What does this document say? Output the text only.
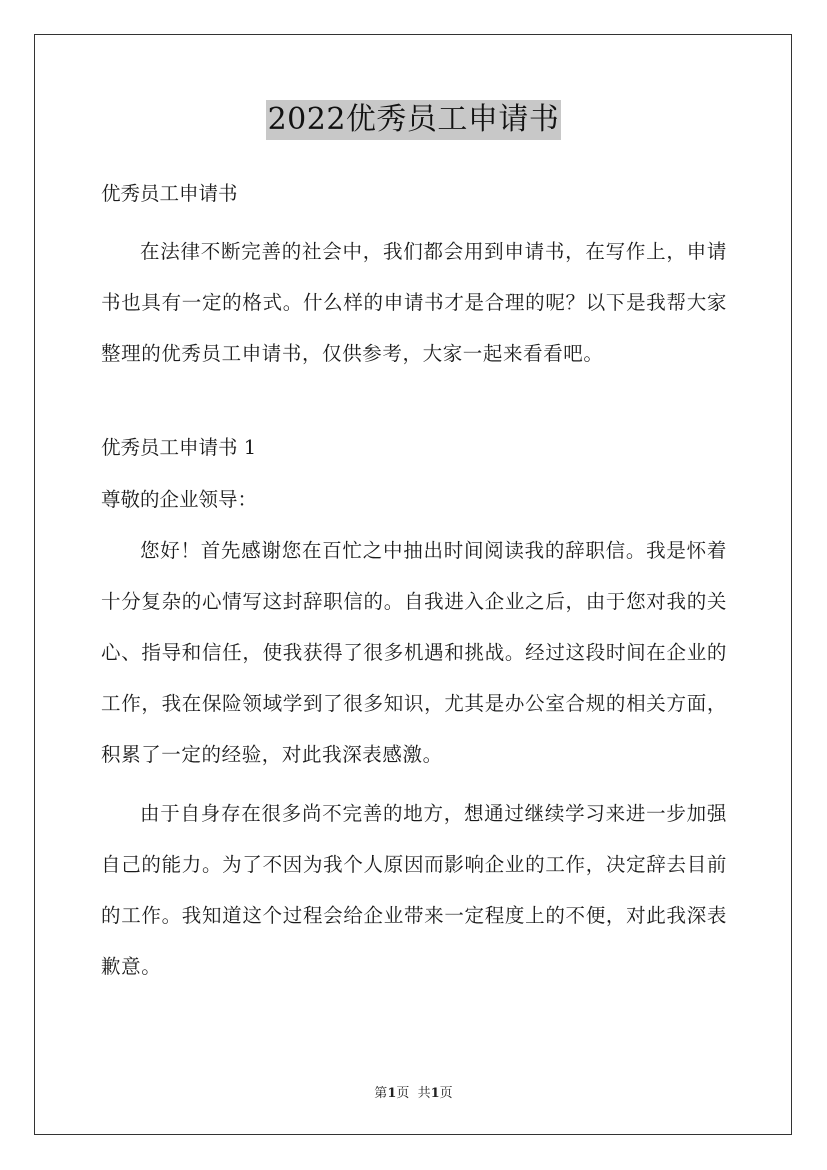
2022优秀员工申请书

优秀员工申请书

在法律不断完善的社会中，我们都会用到申请书，在写作上，申请书也具有一定的格式。什么样的申请书才是合理的呢？以下是我帮大家整理的优秀员工申请书，仅供参考，大家一起来看看吧。

优秀员工申请书 1

尊敬的企业领导：

您好！首先感谢您在百忙之中抽出时间阅读我的辞职信。我是怀着十分复杂的心情写这封辞职信的。自我进入企业之后，由于您对我的关心、指导和信任，使我获得了很多机遇和挑战。经过这段时间在企业的工作，我在保险领域学到了很多知识，尤其是办公室合规的相关方面，积累了一定的经验，对此我深表感激。

由于自身存在很多尚不完善的地方，想通过继续学习来进一步加强自己的能力。为了不因为我个人原因而影响企业的工作，决定辞去目前的工作。我知道这个过程会给企业带来一定程度上的不便，对此我深表歉意。

第1页  共1页
